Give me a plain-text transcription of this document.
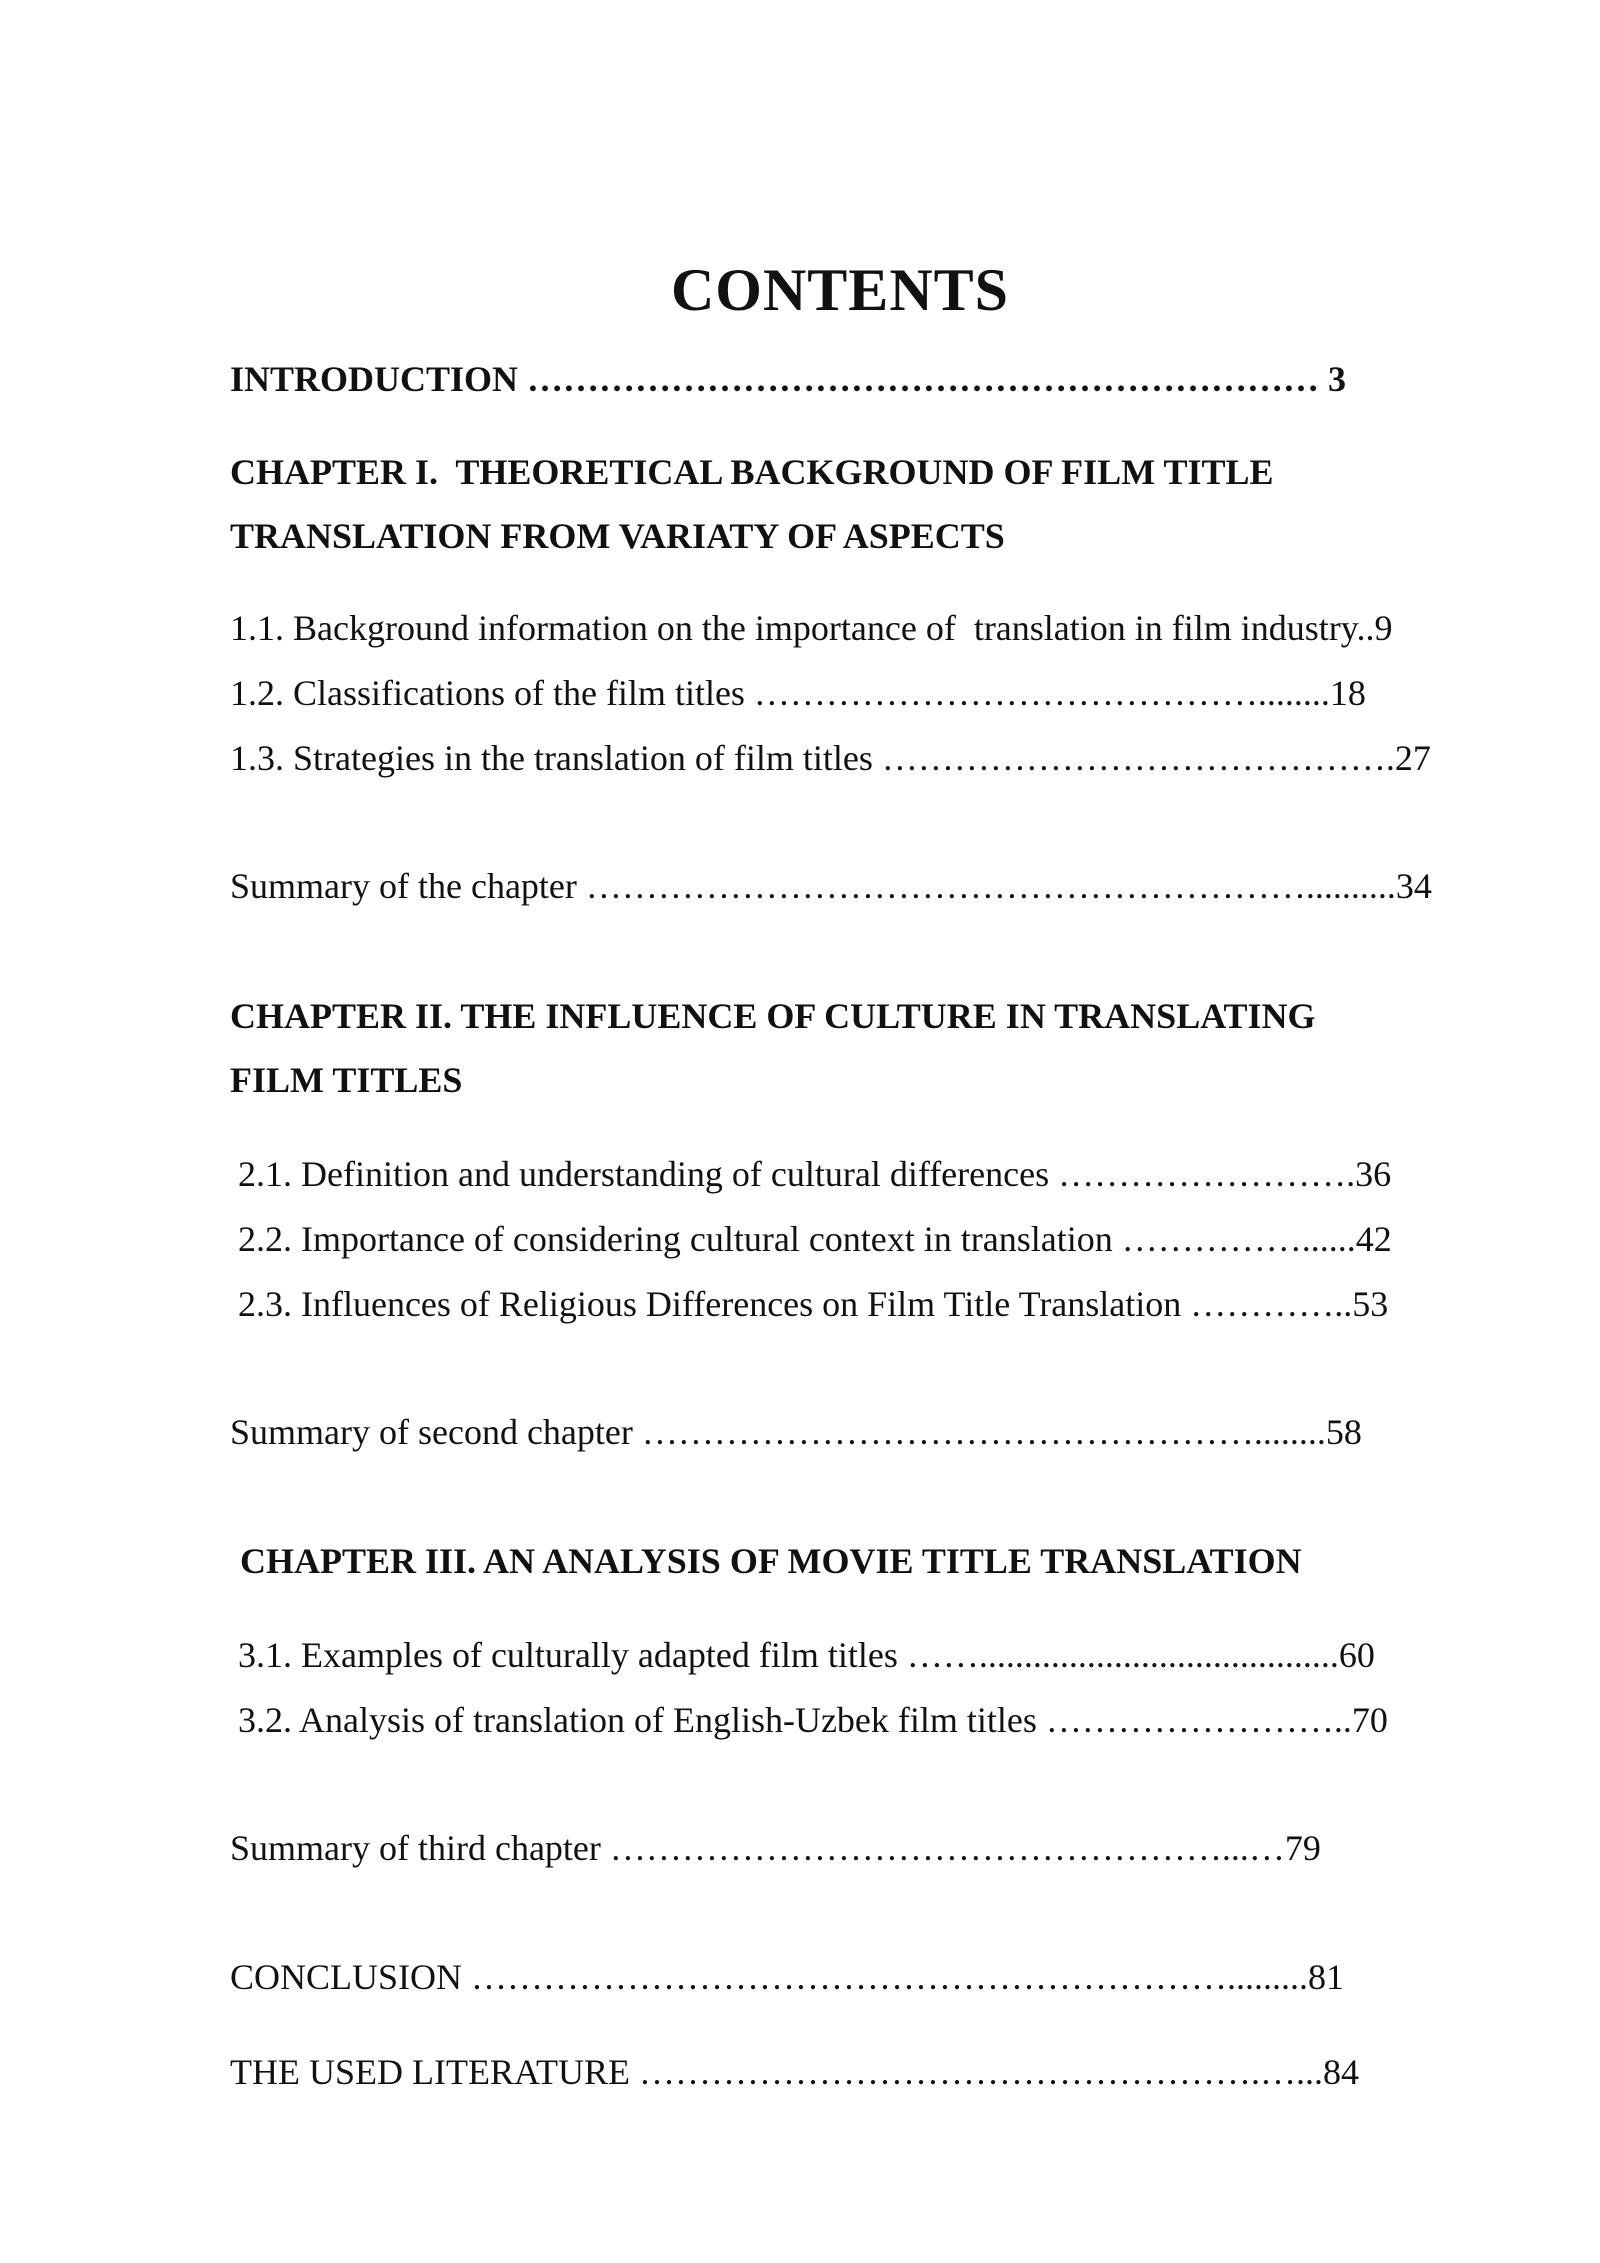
CONTENTS
INTRODUCTION ………………………………………………………… 3
CHAPTER I.  THEORETICAL BACKGROUND OF FILM TITLE
TRANSLATION FROM VARIATY OF ASPECTS
1.1. Background information on the importance of  translation in film industry..9
1.2. Classifications of the film titles ……………………………………........18
1.3. Strategies in the translation of film titles …………………………………….27
Summary of the chapter ……………………………………………………..........34
CHAPTER II. THE INFLUENCE OF CULTURE IN TRANSLATING
FILM TITLES
2.1. Definition and understanding of cultural differences …………………….36
2.2. Importance of considering cultural context in translation ……………......42
2.3. Influences of Religious Differences on Film Title Translation …………..53
Summary of second chapter ……………………………………………........58
CHAPTER III. AN ANALYSIS OF MOVIE TITLE TRANSLATION
3.1. Examples of culturally adapted film titles ……........................................60
3.2. Analysis of translation of English-Uzbek film titles ……………………..70
Summary of third chapter ……………………………………………...…79
CONCLUSION ……………………………………………………….........81
THE USED LITERATURE …………………………………………….…...84
